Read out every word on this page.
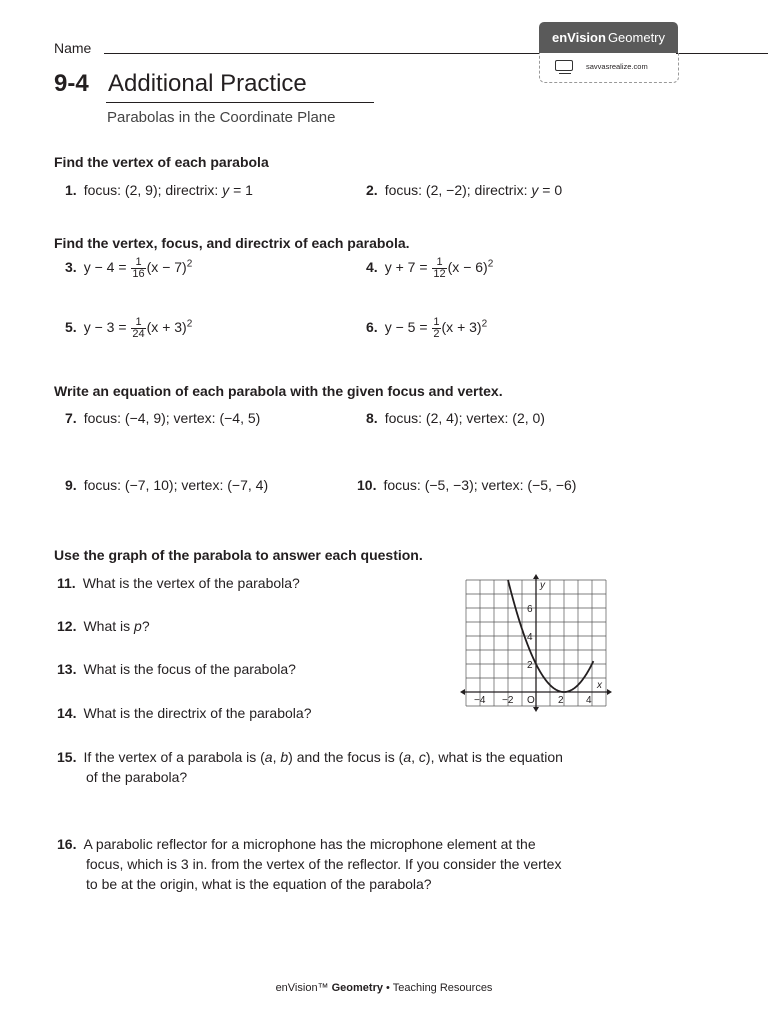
Name
enVision Geometry
savvasrealize.com
9-4 Additional Practice
Parabolas in the Coordinate Plane
Find the vertex of each parabola
1. focus: (2, 9); directrix: y = 1	2. focus: (2, −2); directrix: y = 0
Find the vertex, focus, and directrix of each parabola.
3. $y - 4 = \frac{1}{16} (x - 7)^2$	4. $y + 7 = \frac{1}{12} (x - 6)^2$
5. $y - 3 = \frac{1}{24} (x + 3)^2$	6. $y - 5 = \frac{1}{2} (x + 3)^2$
Write an equation of each parabola with the given focus and vertex.
7. focus: (−4, 9); vertex: (−4, 5)	8. focus: (2, 4); vertex: (2, 0)
9. focus: (−7, 10); vertex: (−7, 4)	10. focus: (−5, −3); vertex: (−5, −6)
Use the graph of the parabola to answer each question.
11. What is the vertex of the parabola?
12. What is p?
13. What is the focus of the parabola?
14. What is the directrix of the parabola?
15. If the vertex of a parabola is (a, b) and the focus is (a, c), what is the equation
of the parabola?
16. A parabolic reflector for a microphone has the microphone element at the
focus, which is 3 in. from the vertex of the reflector. If you consider the vertex
to be at the origin, what is the equation of the parabola?
−4 −2 O 2 4
2
4
6
x
y
enVision™ Geometry • Teaching Resources
